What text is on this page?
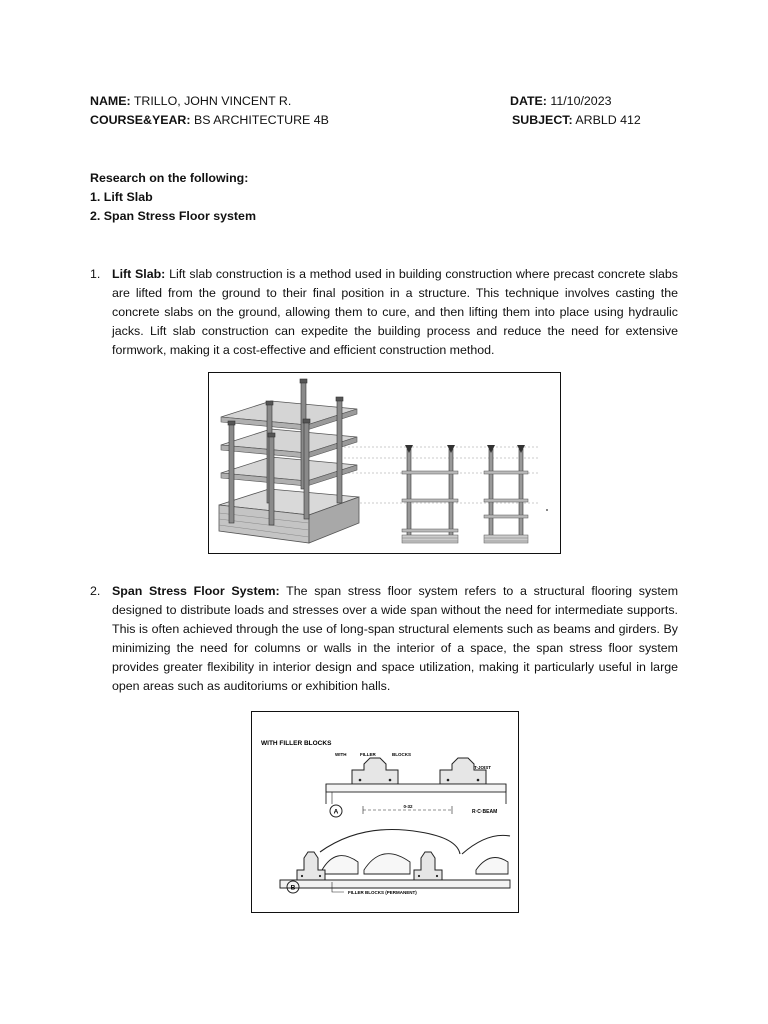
NAME: TRILLO, JOHN VINCENT R.
COURSE&YEAR: BS ARCHITECTURE 4B
DATE: 11/10/2023
SUBJECT: ARBLD 412
Research on the following:
1. Lift Slab
2. Span Stress Floor system
1. Lift Slab: Lift slab construction is a method used in building construction where precast concrete slabs are lifted from the ground to their final position in a structure. This technique involves casting the concrete slabs on the ground, allowing them to cure, and then lifting them into place using hydraulic jacks. Lift slab construction can expedite the building process and reduce the need for extensive formwork, making it a cost-effective and efficient construction method.
2. Span Stress Floor System: The span stress floor system refers to a structural flooring system designed to distribute loads and stresses over a wide span without the need for intermediate supports. This is often achieved through the use of long-span structural elements such as beams and girders. By minimizing the need for columns or walls in the interior of a space, the span stress floor system provides greater flexibility in interior design and space utilization, making it particularly useful in large open areas such as auditoriums or exhibition halls.
WITH FILLER BLOCKS
WITH	FILLER	BLOCKS
T-JOIST
A
0-32
R·C·BEAM
B
FILLER BLOCKS (PERMANENT)
